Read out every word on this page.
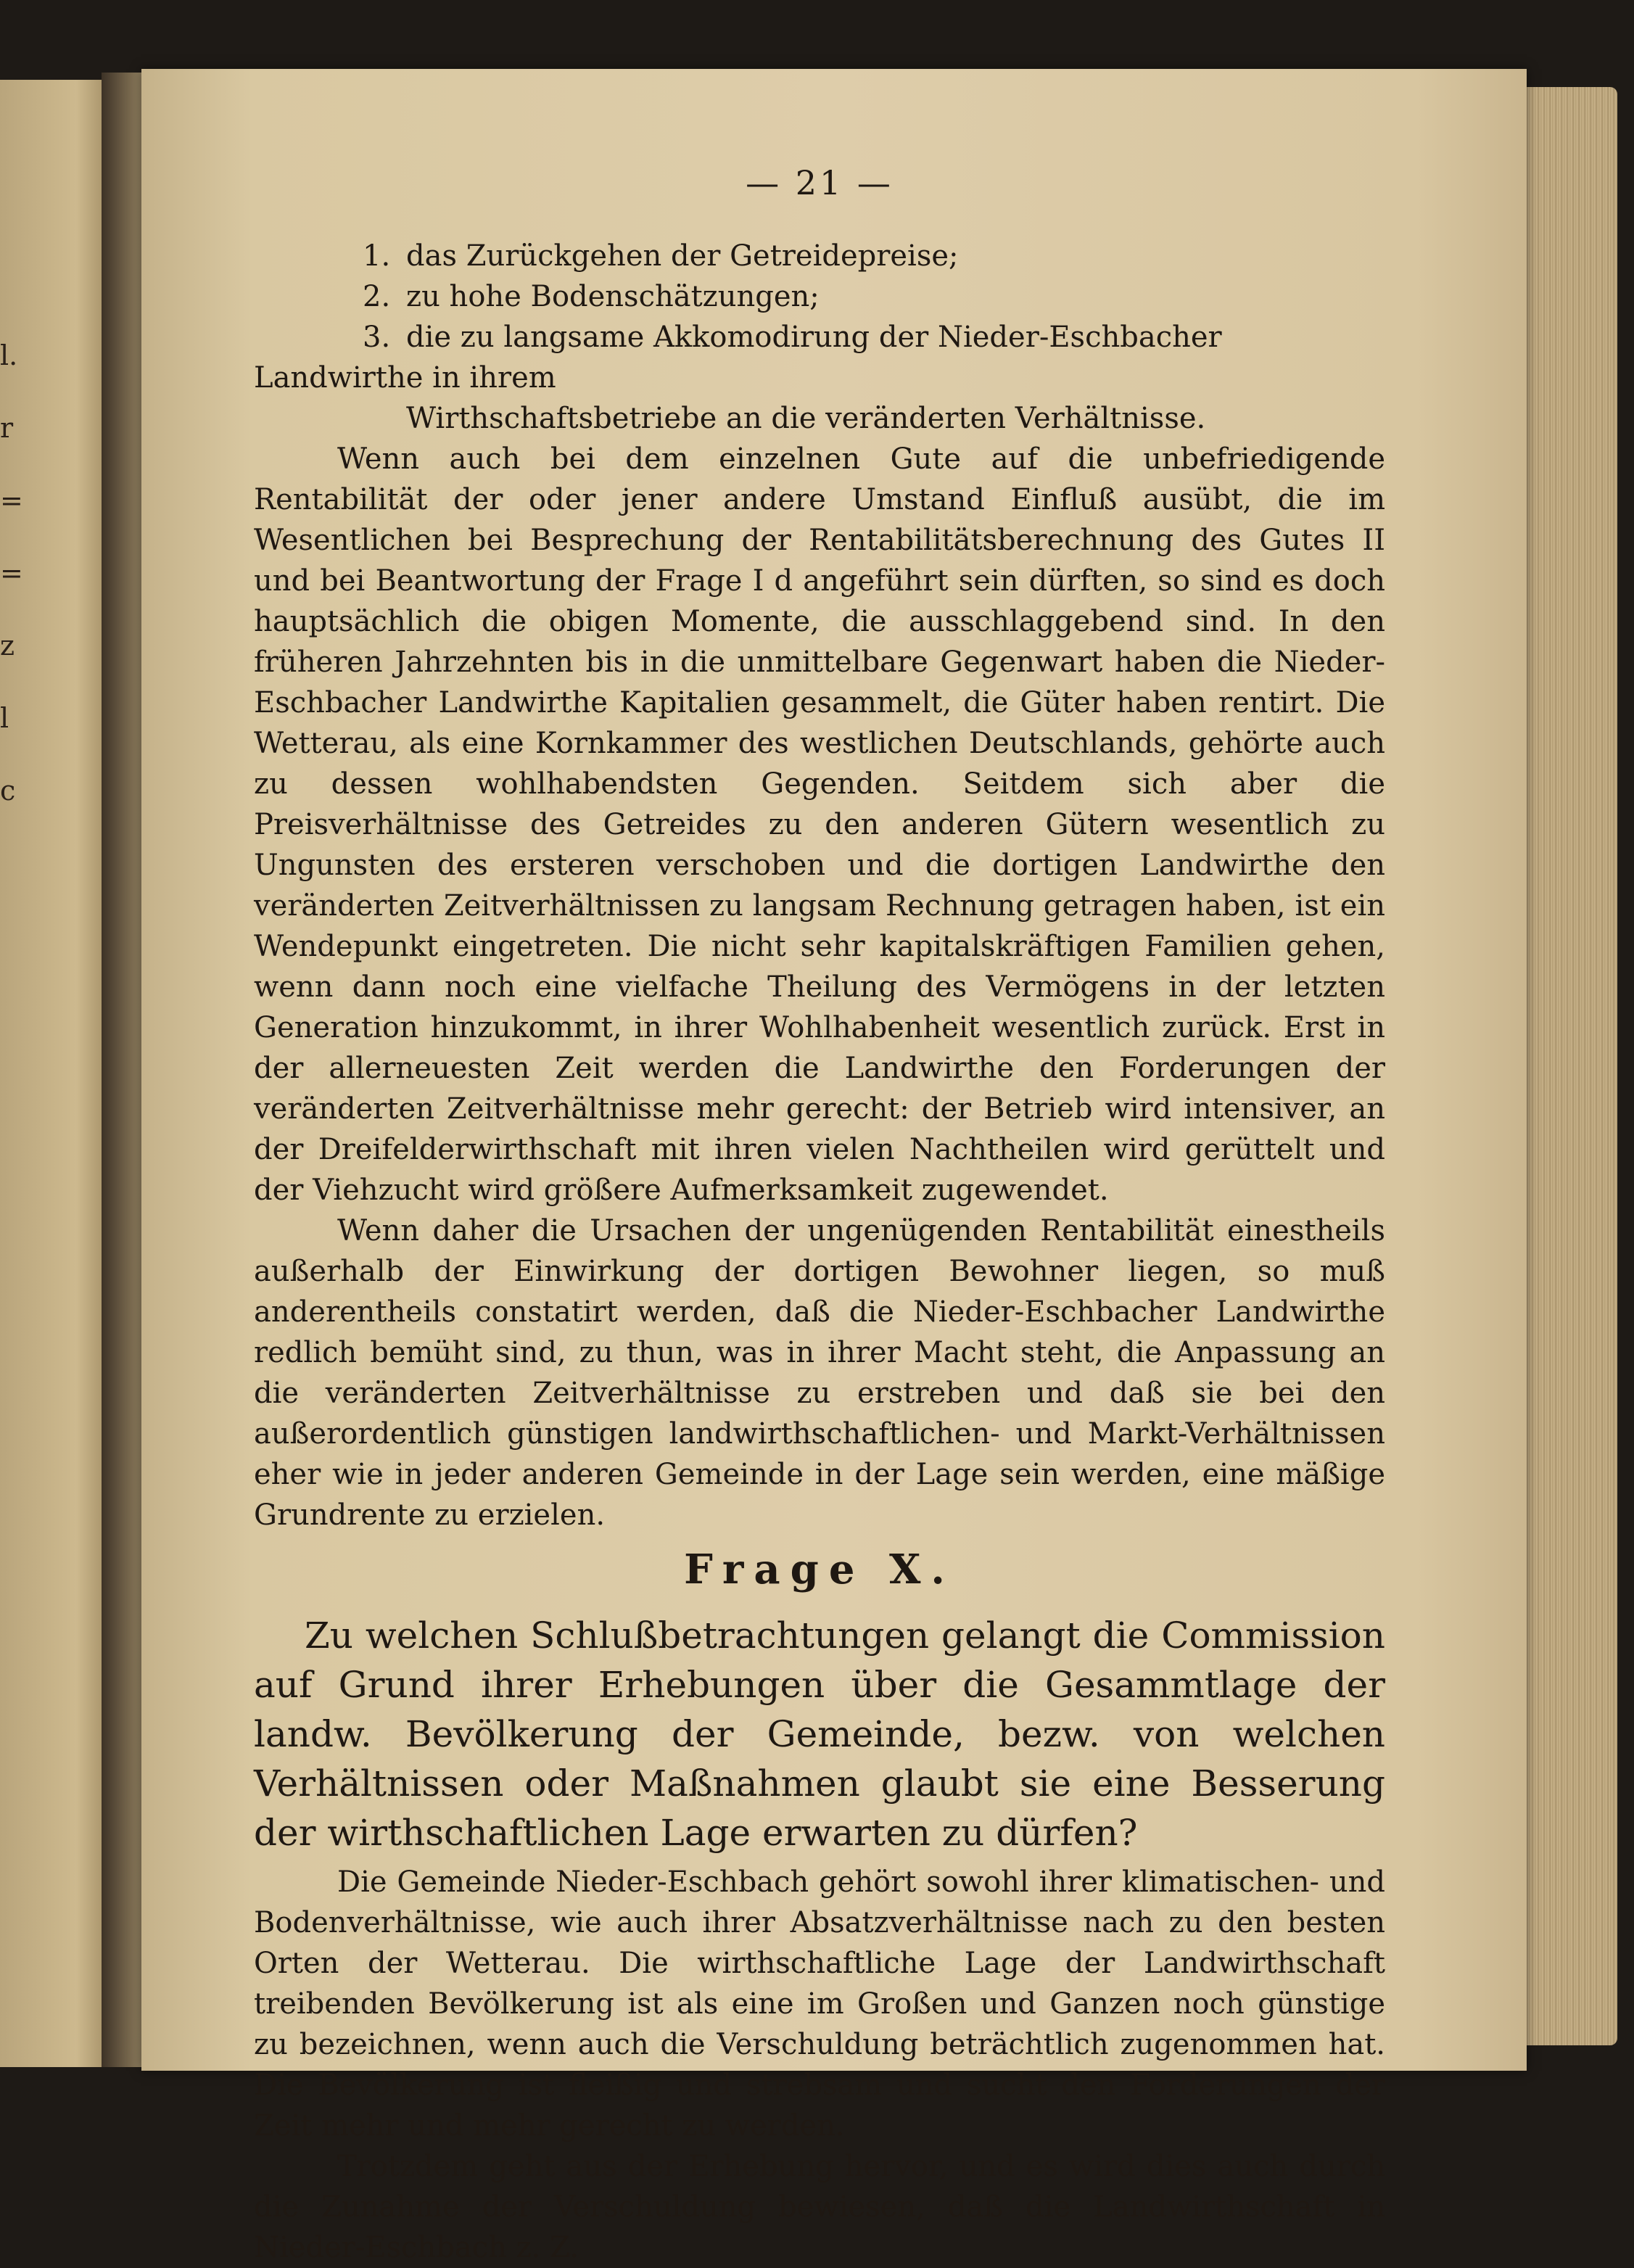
l.
r
=
=
z
l
c
— 21 —
1. das Zurückgehen der Getreidepreise;
2. zu hohe Bodenschätzungen;
3. die zu langsame Akkomodirung der Nieder-Eschbacher Landwirthe in ihrem
Wirthschaftsbetriebe an die veränderten Verhältnisse.

Wenn auch bei dem einzelnen Gute auf die unbefriedigende Rentabilität der oder jener andere Umstand Einfluß ausübt, die im Wesentlichen bei Besprechung der Rentabilitätsberechnung des Gutes II und bei Beantwortung der Frage I d angeführt sein dürften, so sind es doch hauptsächlich die obigen Momente, die ausschlaggebend sind. In den früheren Jahrzehnten bis in die unmittelbare Gegenwart haben die Nieder-Eschbacher Landwirthe Kapitalien gesammelt, die Güter haben rentirt. Die Wetterau, als eine Kornkammer des westlichen Deutschlands, gehörte auch zu dessen wohlhabendsten Gegenden. Seitdem sich aber die Preisverhältnisse des Getreides zu den anderen Gütern wesentlich zu Ungunsten des ersteren verschoben und die dortigen Landwirthe den veränderten Zeitverhältnissen zu langsam Rechnung getragen haben, ist ein Wendepunkt eingetreten. Die nicht sehr kapitalskräftigen Familien gehen, wenn dann noch eine vielfache Theilung des Vermögens in der letzten Generation hinzukommt, in ihrer Wohlhabenheit wesentlich zurück. Erst in der allerneuesten Zeit werden die Landwirthe den Forderungen der veränderten Zeitverhältnisse mehr gerecht: der Betrieb wird intensiver, an der Dreifelderwirthschaft mit ihren vielen Nachtheilen wird gerüttelt und der Viehzucht wird größere Aufmerksamkeit zugewendet.

Wenn daher die Ursachen der ungenügenden Rentabilität einestheils außerhalb der Einwirkung der dortigen Bewohner liegen, so muß anderentheils constatirt werden, daß die Nieder-Eschbacher Landwirthe redlich bemüht sind, zu thun, was in ihrer Macht steht, die Anpassung an die veränderten Zeitverhältnisse zu erstreben und daß sie bei den außerordentlich günstigen landwirthschaftlichen- und Markt-Verhältnissen eher wie in jeder anderen Gemeinde in der Lage sein werden, eine mäßige Grundrente zu erzielen.

Frage X.

Zu welchen Schlußbetrachtungen gelangt die Commission auf Grund ihrer Erhebungen über die Gesammtlage der landw. Bevölkerung der Gemeinde, bezw. von welchen Verhältnissen oder Maßnahmen glaubt sie eine Besserung der wirthschaftlichen Lage erwarten zu dürfen?

Die Gemeinde Nieder-Eschbach gehört sowohl ihrer klimatischen- und Bodenverhältnisse, wie auch ihrer Absatzverhältnisse nach zu den besten Orten der Wetterau. Die wirthschaftliche Lage der Landwirthschaft treibenden Bevölkerung ist als eine im Großen und Ganzen noch günstige zu bezeichnen, wenn auch die Verschuldung beträchtlich zugenommen hat. Die Bevölkerung ist fleißig und strebsam und sucht den Forderungen der Zeit mehr und mehr gerecht zu werden.

Trotzdem geht aus der Erhebung hervor, und es wird dies auch durch die Zunahme der Verschuldung bewiesen, daß die Landwirthschaft in Nieder-Eschbach z. Z.
